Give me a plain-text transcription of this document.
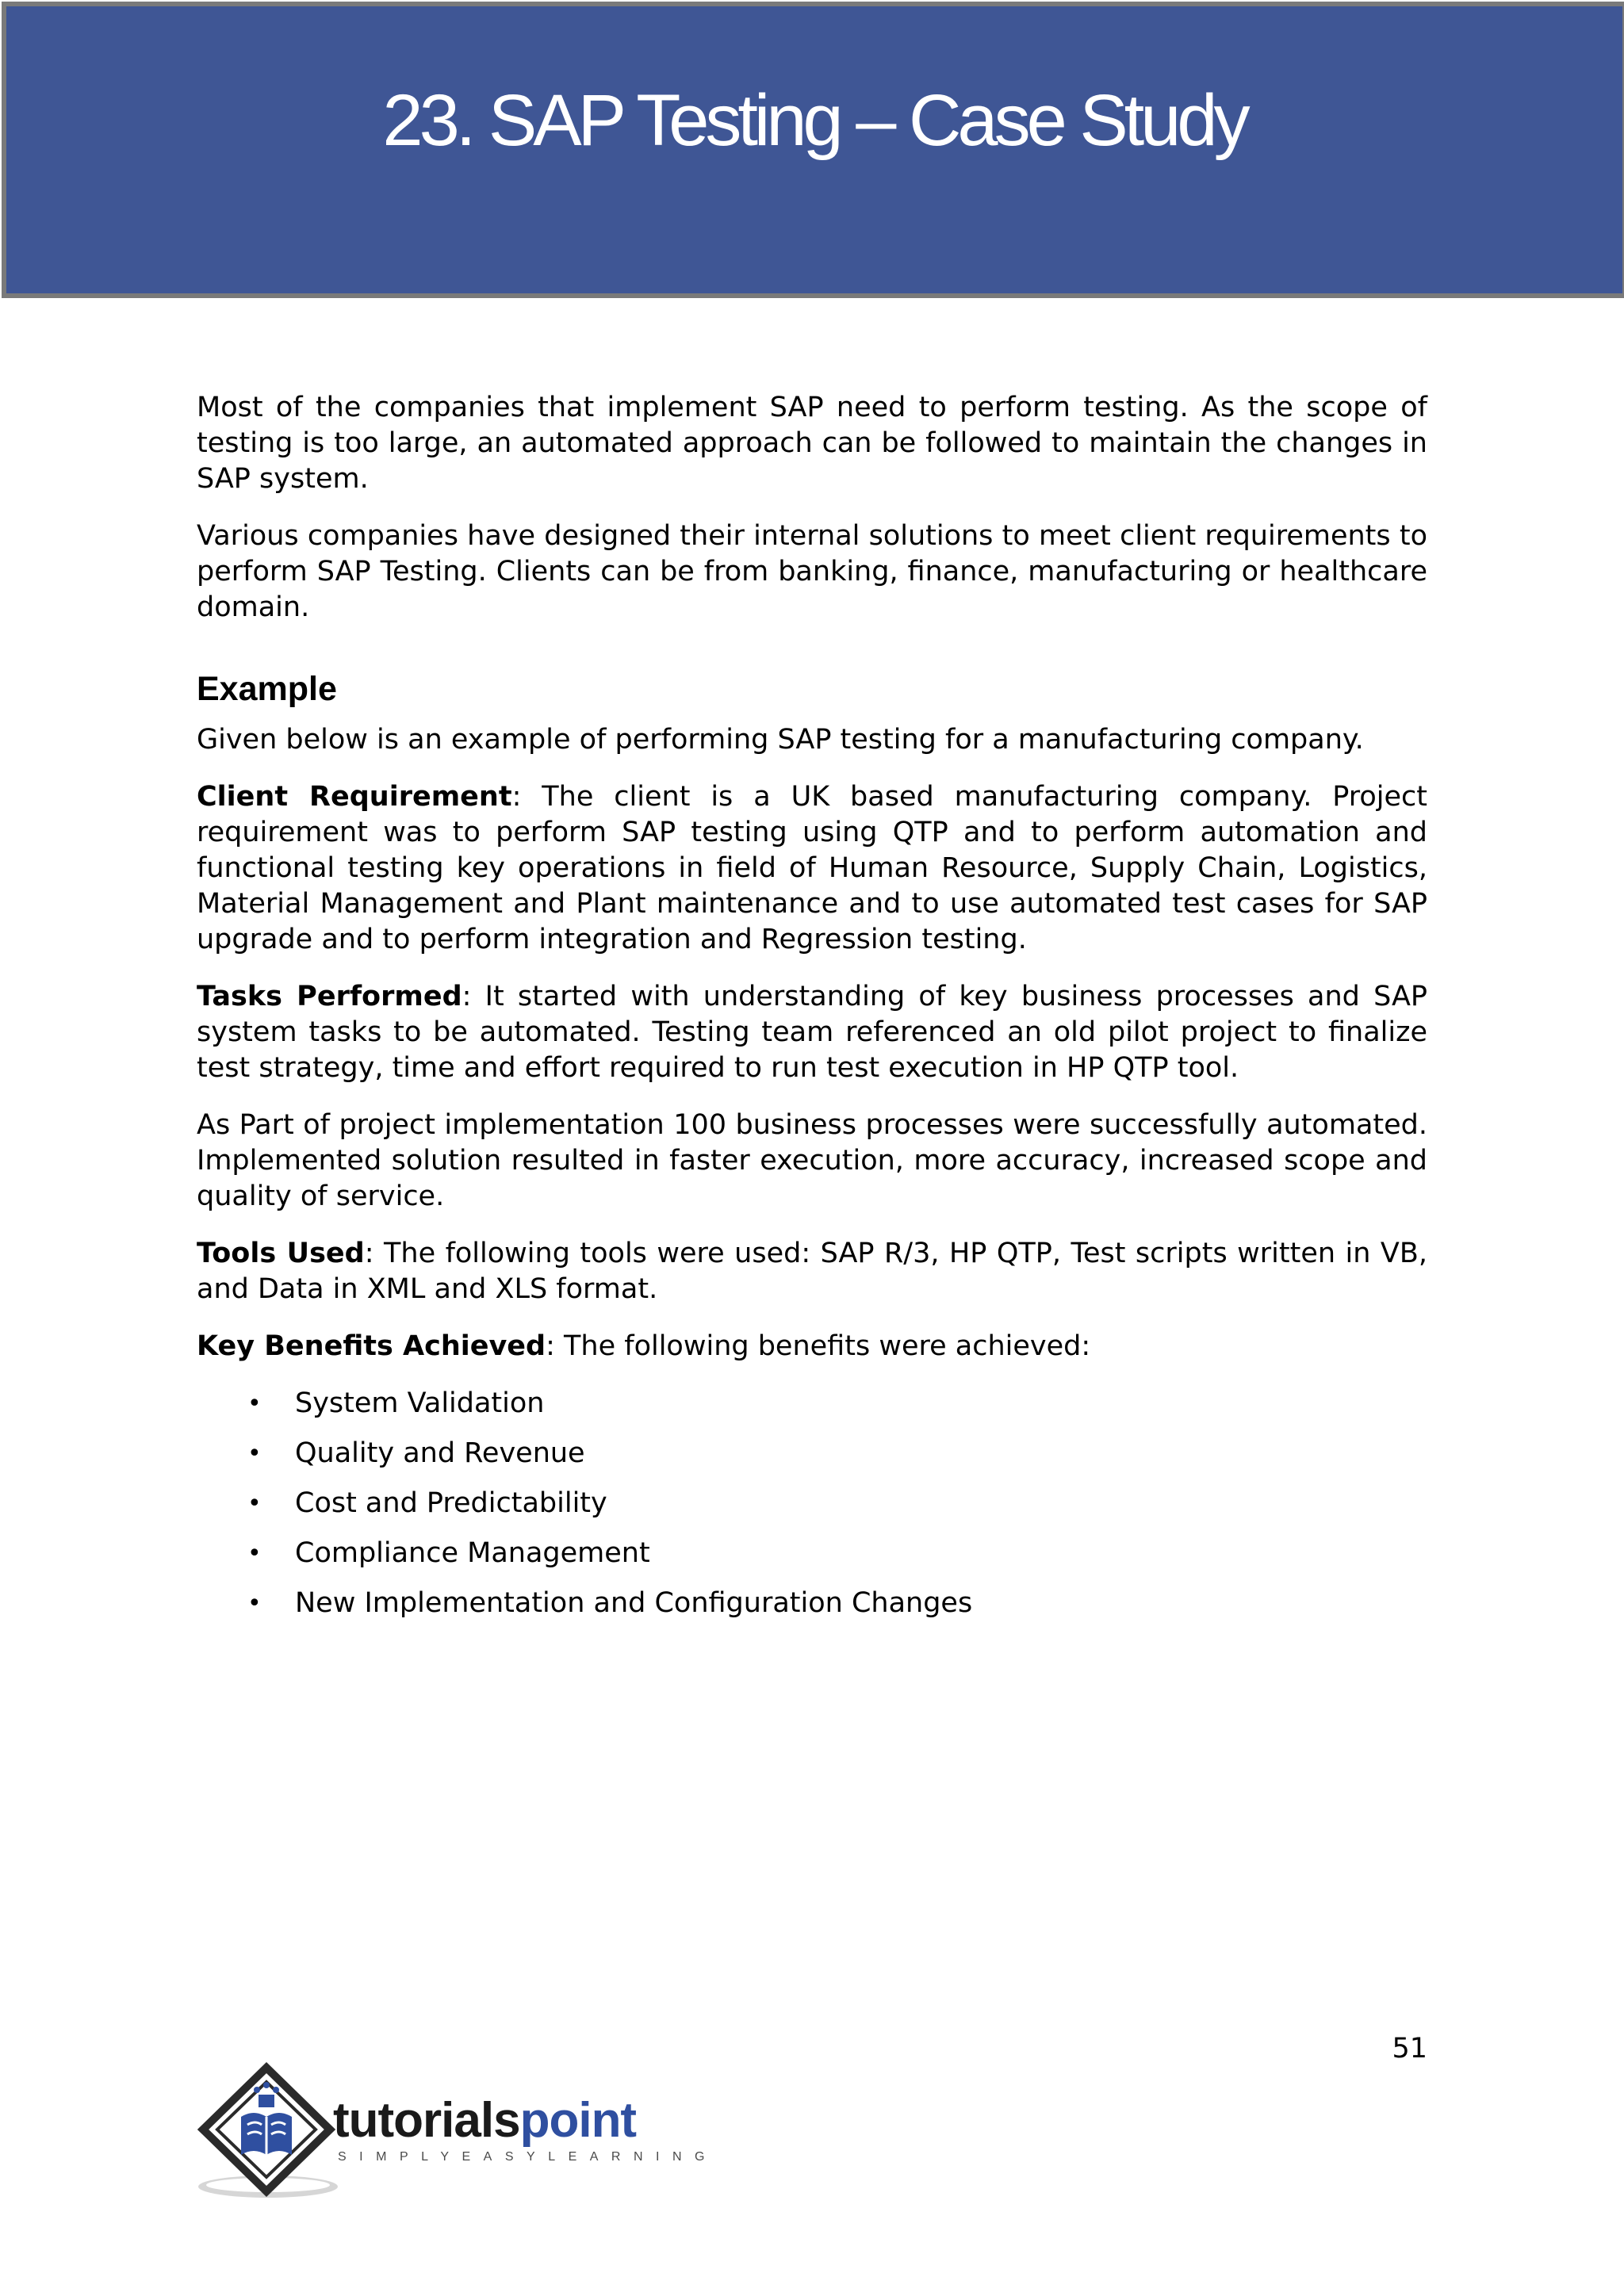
23. SAP Testing – Case Study

Most of the companies that implement SAP need to perform testing. As the scope of testing is too large, an automated approach can be followed to maintain the changes in SAP system.

Various companies have designed their internal solutions to meet client requirements to perform SAP Testing. Clients can be from banking, finance, manufacturing or healthcare domain.

Example

Given below is an example of performing SAP testing for a manufacturing company.

Client Requirement: The client is a UK based manufacturing company. Project requirement was to perform SAP testing using QTP and to perform automation and functional testing key operations in field of Human Resource, Supply Chain, Logistics, Material Management and Plant maintenance and to use automated test cases for SAP upgrade and to perform integration and Regression testing.

Tasks Performed: It started with understanding of key business processes and SAP system tasks to be automated. Testing team referenced an old pilot project to finalize test strategy, time and effort required to run test execution in HP QTP tool.

As Part of project implementation 100 business processes were successfully automated. Implemented solution resulted in faster execution, more accuracy, increased scope and quality of service.

Tools Used: The following tools were used: SAP R/3, HP QTP, Test scripts written in VB, and Data in XML and XLS format.

Key Benefits Achieved: The following benefits were achieved:

• System Validation
• Quality and Revenue
• Cost and Predictability
• Compliance Management
• New Implementation and Configuration Changes
51
tutorialspoint
SIMPLYEASYLEARNING
